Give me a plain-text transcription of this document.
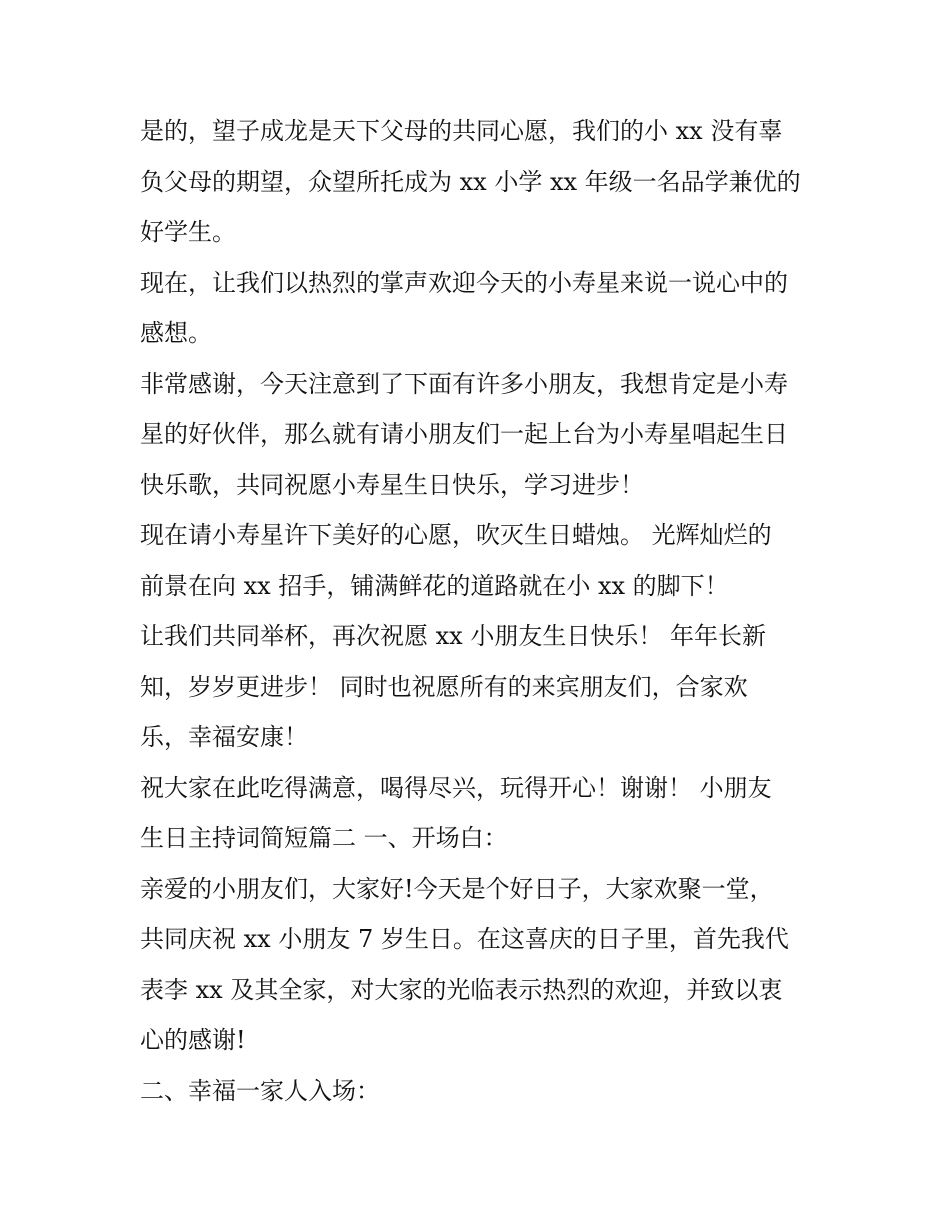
是的，望子成龙是天下父母的共同心愿，我们的小 xx 没有辜
负父母的期望，众望所托成为 xx 小学 xx 年级一名品学兼优的
好学生。
现在，让我们以热烈的掌声欢迎今天的小寿星来说一说心中的
感想。
非常感谢，今天注意到了下面有许多小朋友，我想肯定是小寿
星的好伙伴，那么就有请小朋友们一起上台为小寿星唱起生日
快乐歌，共同祝愿小寿星生日快乐，学习进步！
现在请小寿星许下美好的心愿，吹灭生日蜡烛。 光辉灿烂的
前景在向 xx 招手，铺满鲜花的道路就在小 xx 的脚下！
让我们共同举杯，再次祝愿 xx 小朋友生日快乐！ 年年长新
知，岁岁更进步！ 同时也祝愿所有的来宾朋友们，合家欢
乐，幸福安康！
祝大家在此吃得满意，喝得尽兴，玩得开心！谢谢！ 小朋友
生日主持词简短篇二 一、开场白：
亲爱的小朋友们，大家好!今天是个好日子，大家欢聚一堂，
共同庆祝 xx 小朋友 7 岁生日。在这喜庆的日子里，首先我代
表李 xx 及其全家，对大家的光临表示热烈的欢迎，并致以衷
心的感谢!
二、幸福一家人入场：
